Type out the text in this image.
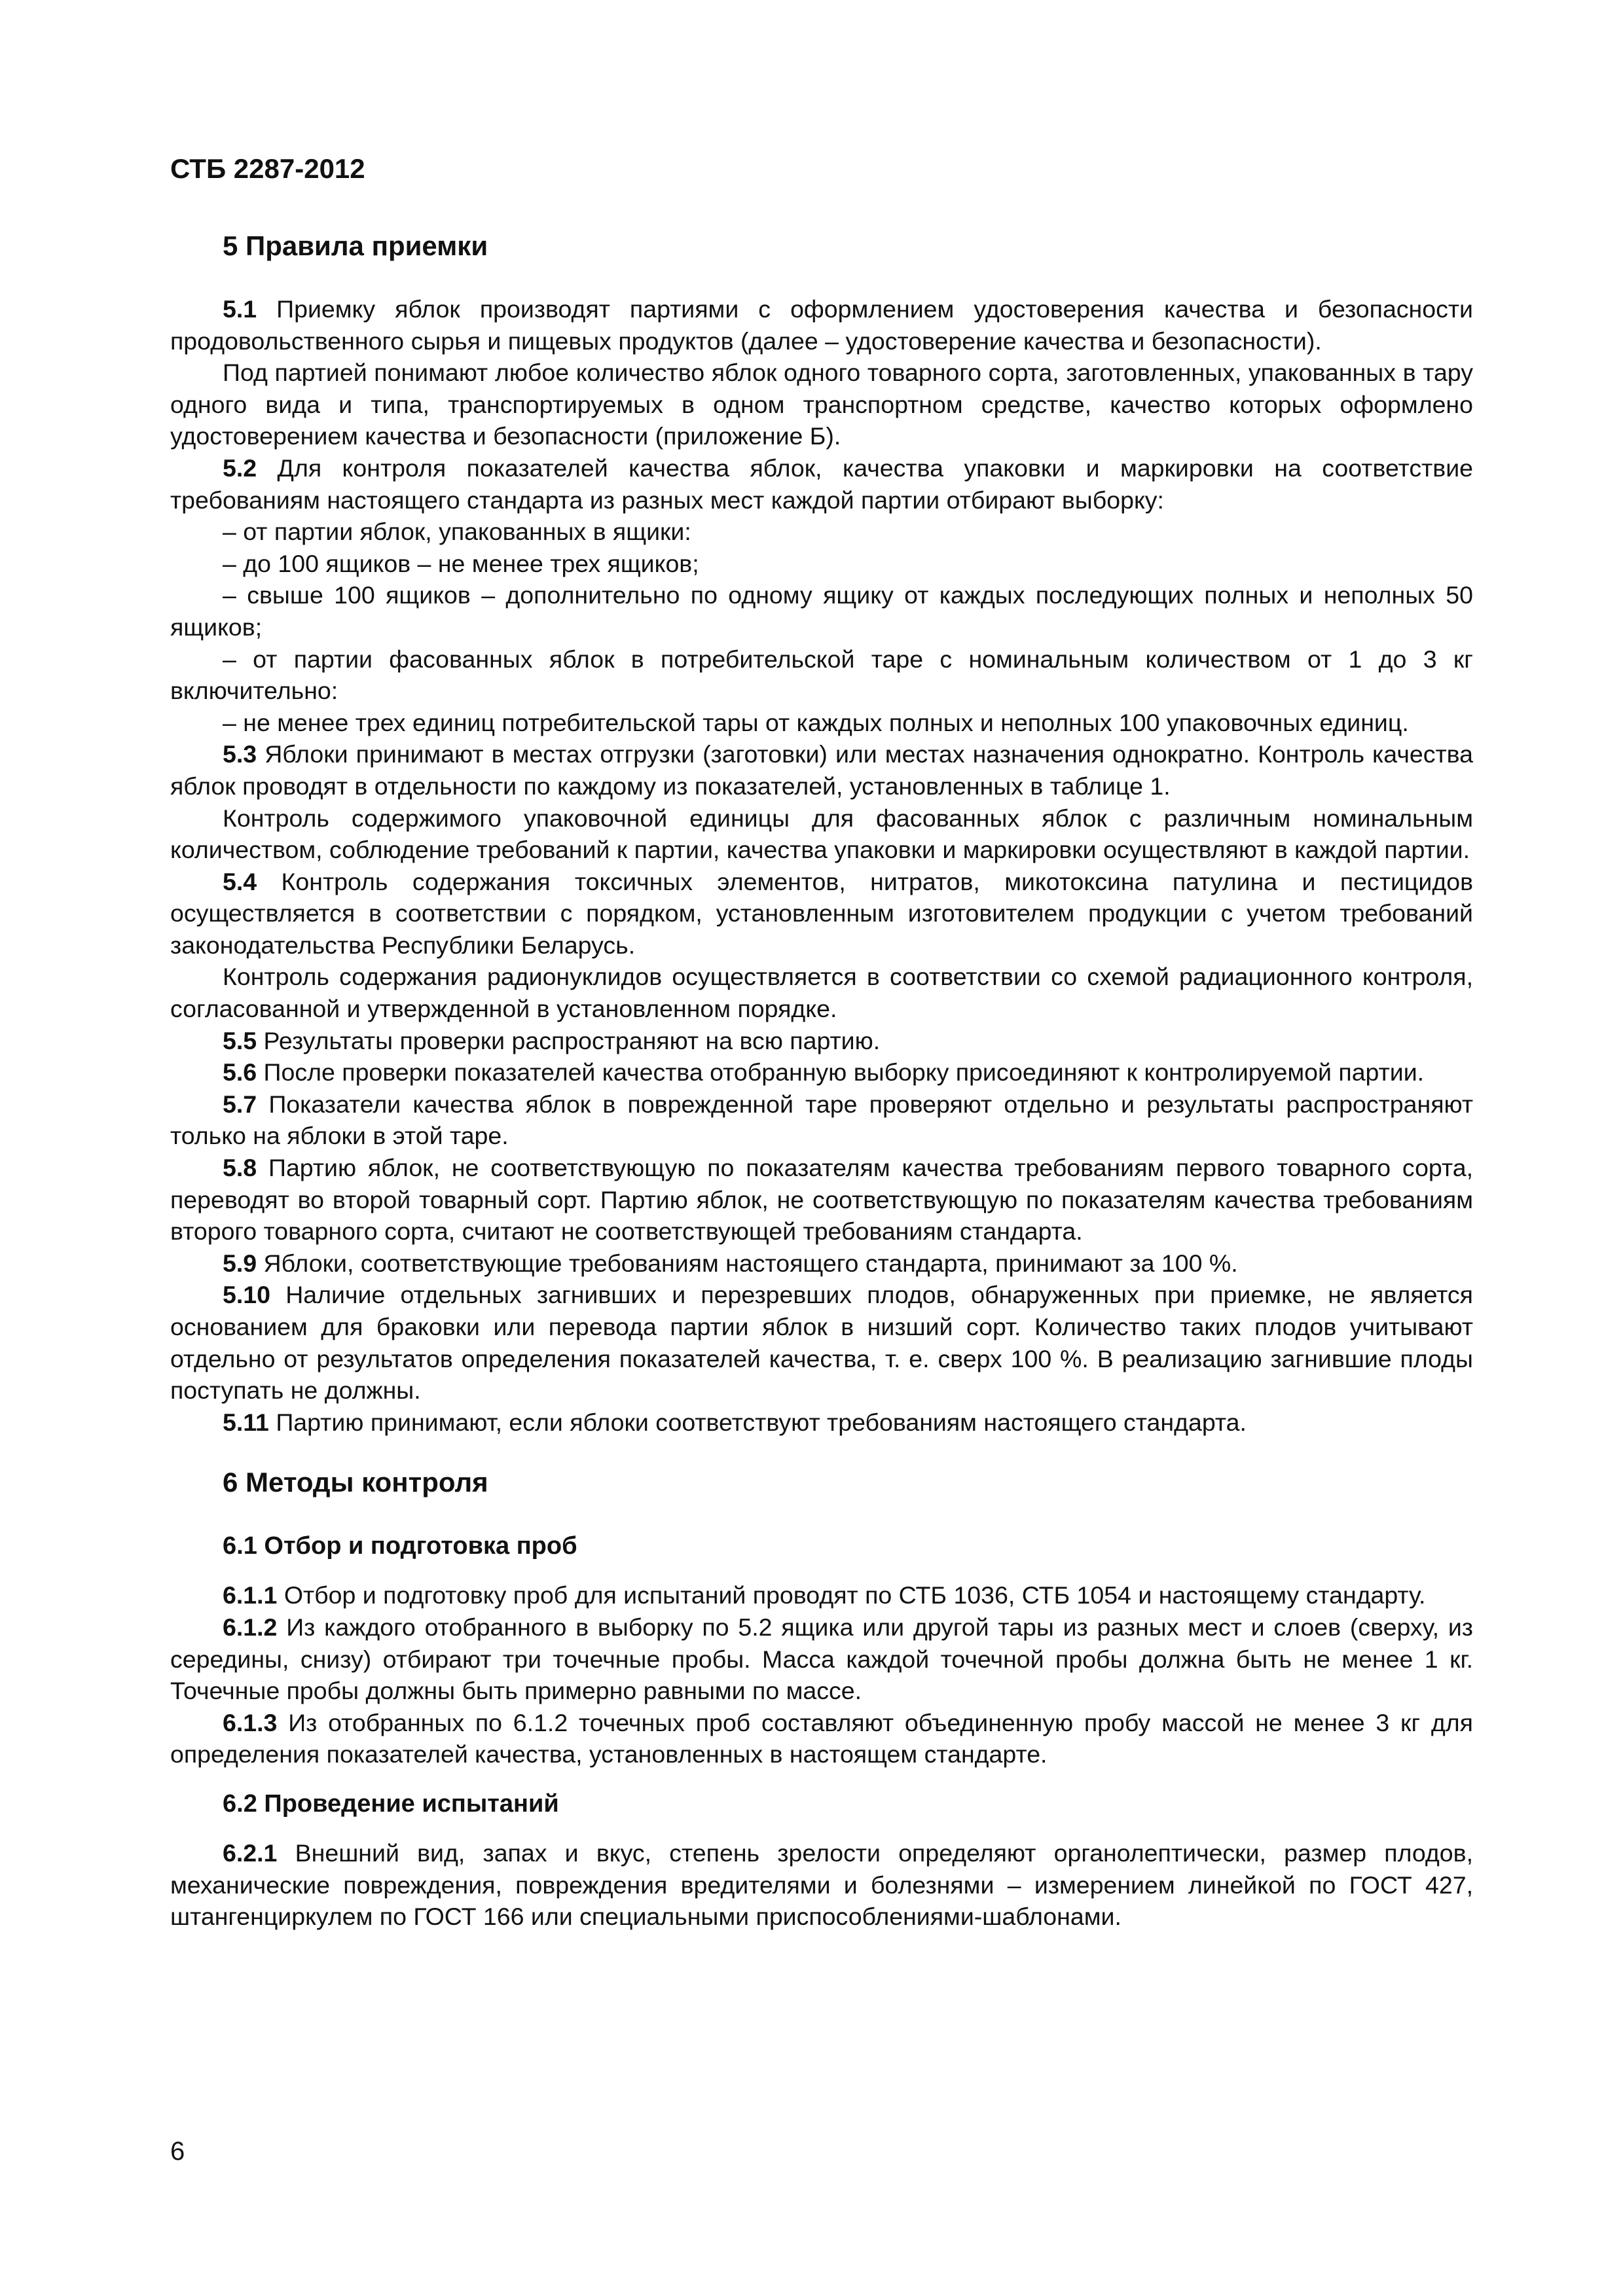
СТБ 2287-2012
5 Правила приемки

5.1 Приемку яблок производят партиями с оформлением удостоверения качества и безопасности продовольственного сырья и пищевых продуктов (далее – удостоверение качества и безопасности).

Под партией понимают любое количество яблок одного товарного сорта, заготовленных, упакованных в тару одного вида и типа, транспортируемых в одном транспортном средстве, качество которых оформлено удостоверением качества и безопасности (приложение Б).

5.2 Для контроля показателей качества яблок, качества упаковки и маркировки на соответствие требованиям настоящего стандарта из разных мест каждой партии отбирают выборку:

– от партии яблок, упакованных в ящики:

– до 100 ящиков – не менее трех ящиков;

– свыше 100 ящиков – дополнительно по одному ящику от каждых последующих полных и неполных 50 ящиков;

– от партии фасованных яблок в потребительской таре с номинальным количеством от 1 до 3 кг включительно:

– не менее трех единиц потребительской тары от каждых полных и неполных 100 упаковочных единиц.

5.3 Яблоки принимают в местах отгрузки (заготовки) или местах назначения однократно. Контроль качества яблок проводят в отдельности по каждому из показателей, установленных в таблице 1.

Контроль содержимого упаковочной единицы для фасованных яблок с различным номинальным количеством, соблюдение требований к партии, качества упаковки и маркировки осуществляют в каждой партии.

5.4 Контроль содержания токсичных элементов, нитратов, микотоксина патулина и пестицидов осуществляется в соответствии с порядком, установленным изготовителем продукции с учетом требований законодательства Республики Беларусь.

Контроль содержания радионуклидов осуществляется в соответствии со схемой радиационного контроля, согласованной и утвержденной в установленном порядке.

5.5 Результаты проверки распространяют на всю партию.

5.6 После проверки показателей качества отобранную выборку присоединяют к контролируемой партии.

5.7 Показатели качества яблок в поврежденной таре проверяют отдельно и результаты распространяют только на яблоки в этой таре.

5.8 Партию яблок, не соответствующую по показателям качества требованиям первого товарного сорта, переводят во второй товарный сорт. Партию яблок, не соответствующую по показателям качества требованиям второго товарного сорта, считают не соответствующей требованиям стандарта.

5.9 Яблоки, соответствующие требованиям настоящего стандарта, принимают за 100 %.

5.10 Наличие отдельных загнивших и перезревших плодов, обнаруженных при приемке, не является основанием для браковки или перевода партии яблок в низший сорт. Количество таких плодов учитывают отдельно от результатов определения показателей качества, т. е. сверх 100 %. В реализацию загнившие плоды поступать не должны.

5.11 Партию принимают, если яблоки соответствуют требованиям настоящего стандарта.

6 Методы контроля
6.1 Отбор и подготовка проб

6.1.1 Отбор и подготовку проб для испытаний проводят по СТБ 1036, СТБ 1054 и настоящему стандарту.

6.1.2 Из каждого отобранного в выборку по 5.2 ящика или другой тары из разных мест и слоев (сверху, из середины, снизу) отбирают три точечные пробы. Масса каждой точечной пробы должна быть не менее 1 кг. Точечные пробы должны быть примерно равными по массе.

6.1.3 Из отобранных по 6.1.2 точечных проб составляют объединенную пробу массой не менее 3 кг для определения показателей качества, установленных в настоящем стандарте.

6.2 Проведение испытаний

6.2.1 Внешний вид, запах и вкус, степень зрелости определяют органолептически, размер плодов, механические повреждения, повреждения вредителями и болезнями – измерением линейкой по ГОСТ 427, штангенциркулем по ГОСТ 166 или специальными приспособлениями-шаблонами.

6
